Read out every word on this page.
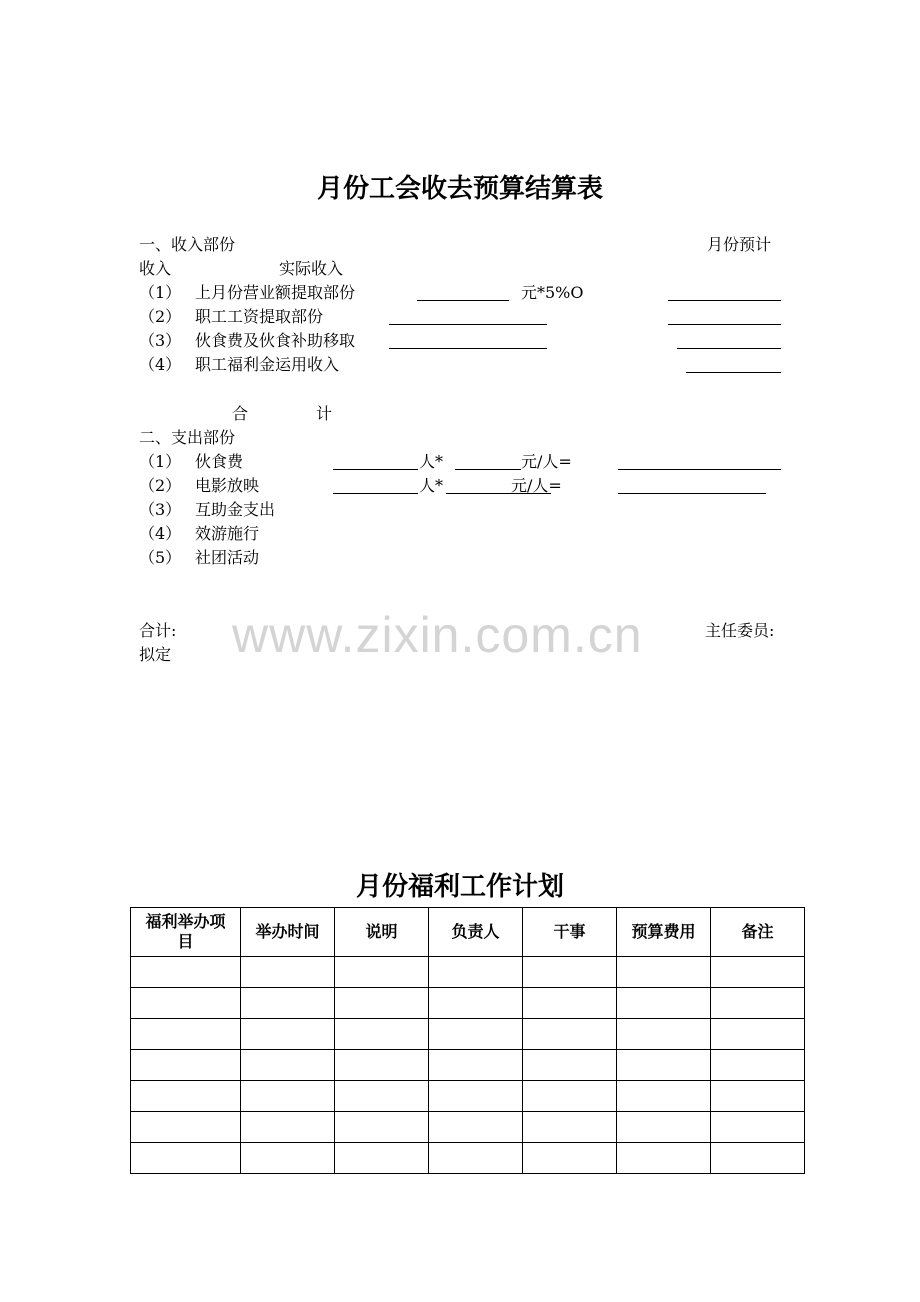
月份工会收去预算结算表
一、收入部份	月份预计
收入	实际收入
（1） 上月份营业额提取部份	元*5%O
（2） 职工工资提取部份
（3） 伙食费及伙食补助移取
（4） 职工福利金运用收入
合	计
二、支出部份
（1） 伙食费	人*	元/人=
（2） 电影放映	人*	元/人=
（3） 互助金支出
（4） 效游施行
（5） 社团活动
www.zixin.com.cn
合计:	主任委员:
拟定
月份福利工作计划
福利举办项目	举办时间	说明	负责人	干事	预算费用	备注
